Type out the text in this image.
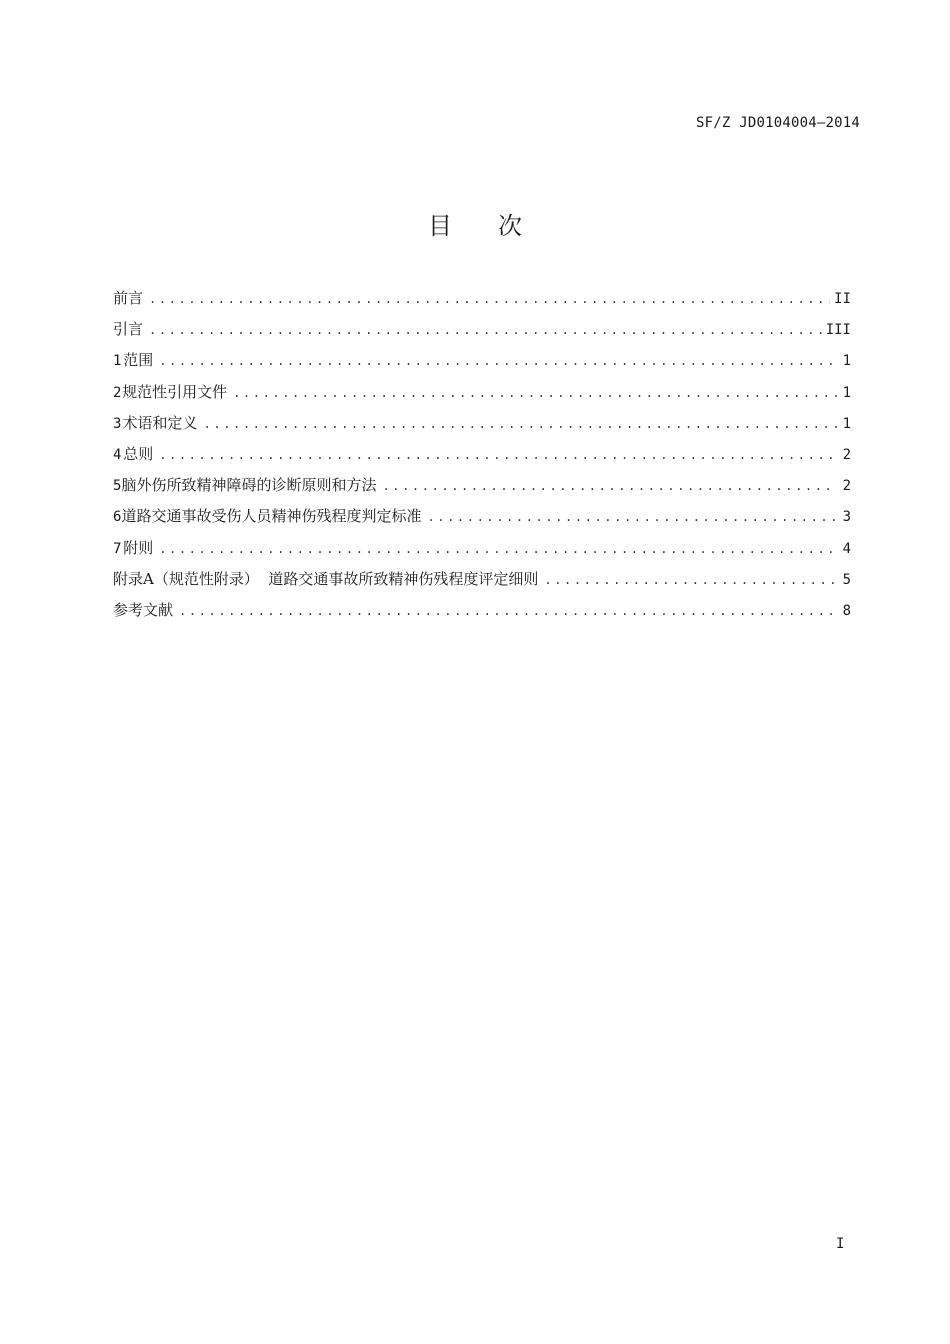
SF/Z JD0104004—2014
目 次
前言 .....	II
引言 .....	III
1 范围 .....	1
2 规范性引用文件 .....	1
3 术语和定义 .....	1
4 总则 .....	2
5 脑外伤所致精神障碍的诊断原则和方法 .....	2
6 道路交通事故受伤人员精神伤残程度判定标准 .....	3
7 附则 .....	4
附录A（规范性附录）  道路交通事故所致精神伤残程度评定细则 .....	5
参考文献 .....	8
I
